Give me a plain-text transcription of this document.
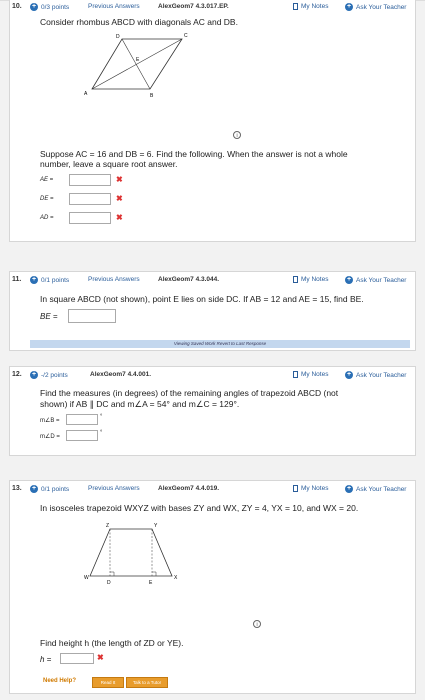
10. + 0/3 points	Previous Answers	AlexGeom7 4.3.017.EP.	My Notes	+ Ask Your Teacher
Consider rhombus ABCD with diagonals AC and DB.
A	B
C
D
E
i
Suppose AC = 16 and DB = 6. Find the following. When the answer is not a whole
number, leave a square root answer.
AE =	✖
DE =	✖
AD =	✖
11. + 0/1 points	Previous Answers	AlexGeom7 4.3.044.	My Notes	+ Ask Your Teacher
In square ABCD (not shown), point E lies on side DC. If AB = 12 and AE = 15, find BE.
BE =
Viewing Saved Work Revert to Last Response
12. + -/2 points	AlexGeom7 4.4.001.	My Notes	+ Ask Your Teacher
Find the measures (in degrees) of the remaining angles of trapezoid ABCD (not
shown) if AB ∥ DC and m∠A = 54° and m∠C = 129°.
m∠B =
°
m∠D =
°
13. + 0/1 points	Previous Answers	AlexGeom7 4.4.019.	My Notes	+ Ask Your Teacher
In isosceles trapezoid WXYZ with bases ZY and WX, ZY = 4, YX = 10, and WX = 20.
W	X
Y
Z
D	E
i
Find height h (the length of ZD or YE).
h =	✖
Need Help?	Read It	Talk to a Tutor
